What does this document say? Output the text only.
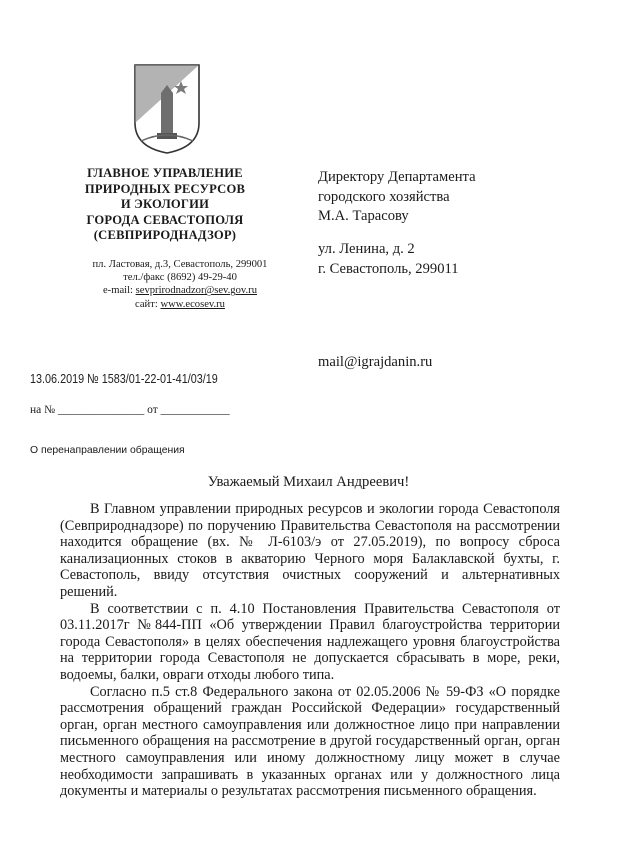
ГЛАВНОЕ УПРАВЛЕНИЕ
ПРИРОДНЫХ РЕСУРСОВ
И ЭКОЛОГИИ
ГОРОДА СЕВАСТОПОЛЯ
(СЕВПРИРОДНАДЗОР)
пл. Ластовая, д.3, Севастополь, 299001
тел./факс (8692) 49-29-40
e-mail: sevprirodnadzor@sev.gov.ru
сайт: www.ecosev.ru
Директору Департамента
городского хозяйства
М.А. Тарасову
ул. Ленина, д. 2
г. Севастополь, 299011
mail@igrajdanin.ru
13.06.2019 № 1583/01-22-01-41/03/19
на № _______________ от ____________
О перенаправлении обращения
Уважаемый Михаил Андреевич!

В Главном управлении природных ресурсов и экологии города Севастополя (Севприроднадзоре) по поручению Правительства Севастополя на рассмотрении находится обращение (вх. № Л-6103/э от 27.05.2019), по вопросу сброса канализационных стоков в акваторию Черного моря Балаклавской бухты, г. Севастополь, ввиду отсутствия очистных сооружений и альтернативных решений.

В соответствии с п. 4.10 Постановления Правительства Севастополя от 03.11.2017г №844-ПП «Об утверждении Правил благоустройства территории города Севастополя» в целях обеспечения надлежащего уровня благоустройства на территории города Севастополя не допускается сбрасывать в море, реки, водоемы, балки, овраги отходы любого типа.

Согласно п.5 ст.8 Федерального закона от 02.05.2006 № 59-ФЗ «О порядке рассмотрения обращений граждан Российской Федерации» государственный орган, орган местного самоуправления или должностное лицо при направлении письменного обращения на рассмотрение в другой государственный орган, орган местного самоуправления или иному должностному лицу может в случае необходимости запрашивать в указанных органах или у должностного лица документы и материалы о результатах рассмотрения письменного обращения.
